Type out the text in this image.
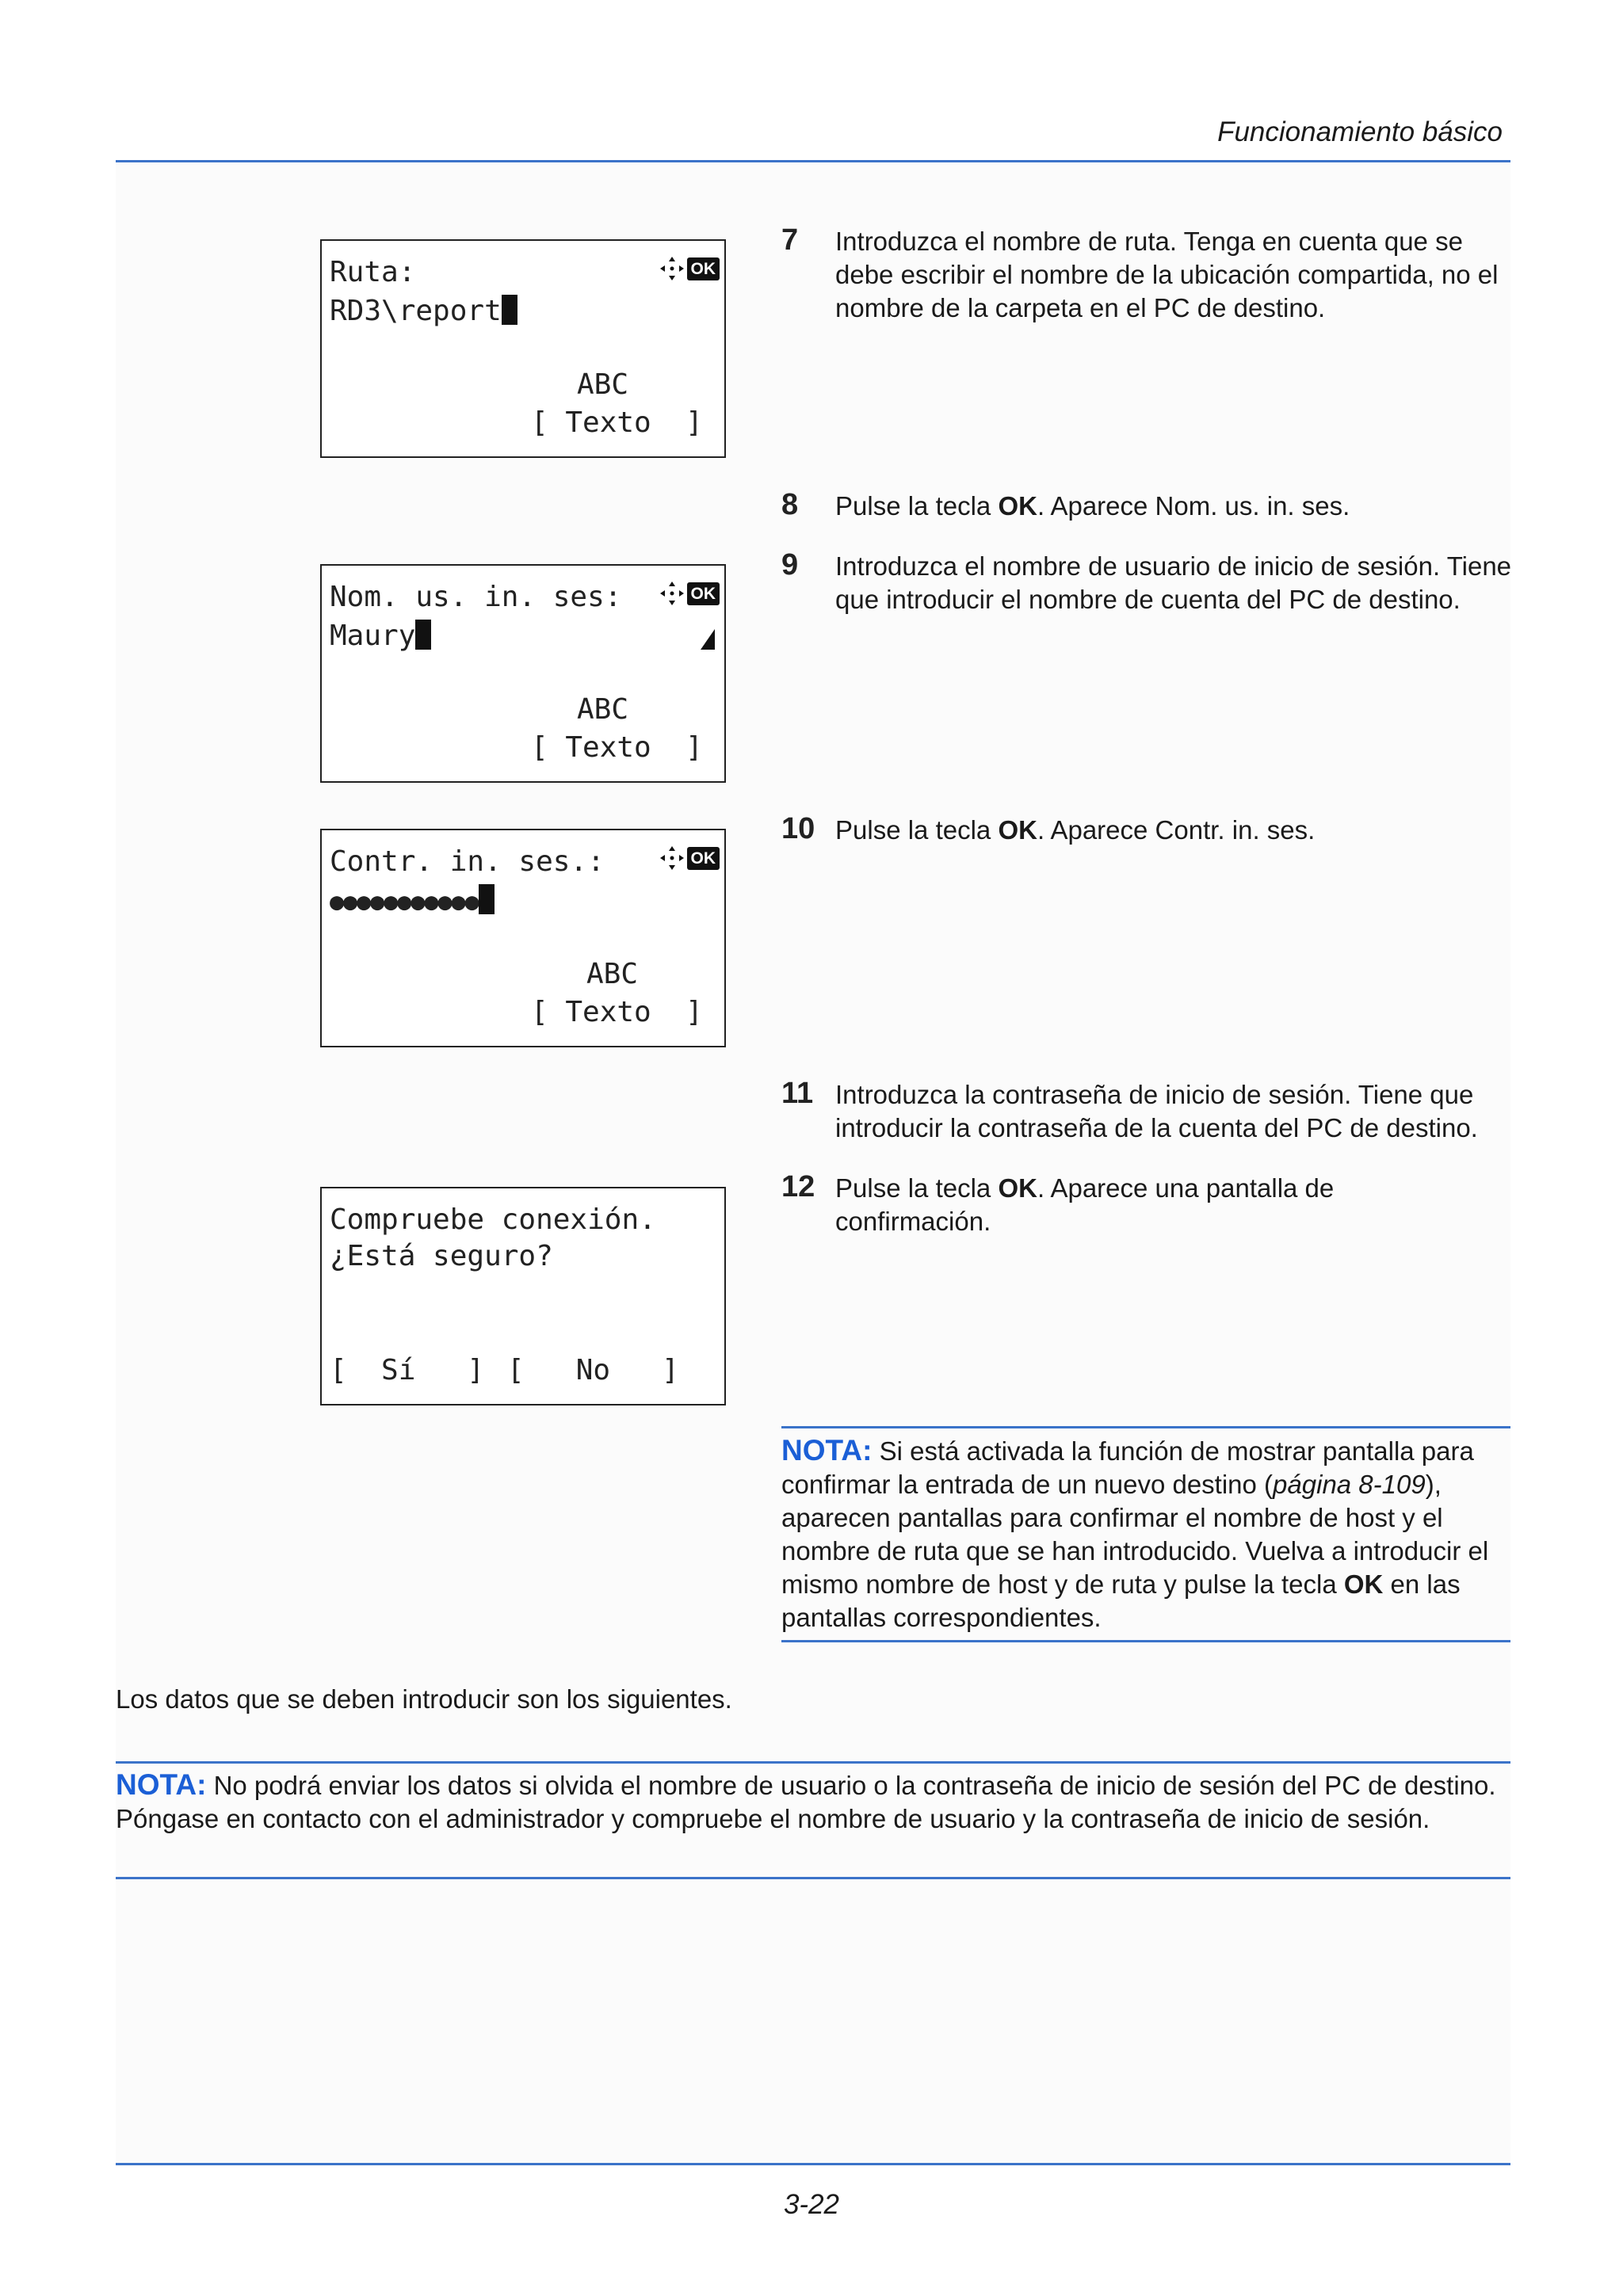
Funcionamiento básico
Ruta:	OK
RD3\report
ABC
[ Texto  ]
Nom. us. in. ses:	OK
Maury
ABC
[ Texto  ]
Contr. in. ses.:	OK
●●●●●●●●●●●
ABC
[ Texto  ]
Compruebe conexión.
¿Está seguro?
[  Sí   ] [   No   ]
7 Introduzca el nombre de ruta. Tenga en cuenta que se debe escribir el nombre de la ubicación compartida, no el nombre de la carpeta en el PC de destino.
8 Pulse la tecla OK. Aparece Nom. us. in. ses.
9 Introduzca el nombre de usuario de inicio de sesión. Tiene que introducir el nombre de cuenta del PC de destino.
10 Pulse la tecla OK. Aparece Contr. in. ses.
11 Introduzca la contraseña de inicio de sesión. Tiene que introducir la contraseña de la cuenta del PC de destino.
12 Pulse la tecla OK. Aparece una pantalla de confirmación.
NOTA: Si está activada la función de mostrar pantalla para confirmar la entrada de un nuevo destino (página 8-109), aparecen pantallas para confirmar el nombre de host y el nombre de ruta que se han introducido. Vuelva a introducir el mismo nombre de host y de ruta y pulse la tecla OK en las pantallas correspondientes.
Los datos que se deben introducir son los siguientes.
NOTA: No podrá enviar los datos si olvida el nombre de usuario o la contraseña de inicio de sesión del PC de destino. Póngase en contacto con el administrador y compruebe el nombre de usuario y la contraseña de inicio de sesión.
3-22
